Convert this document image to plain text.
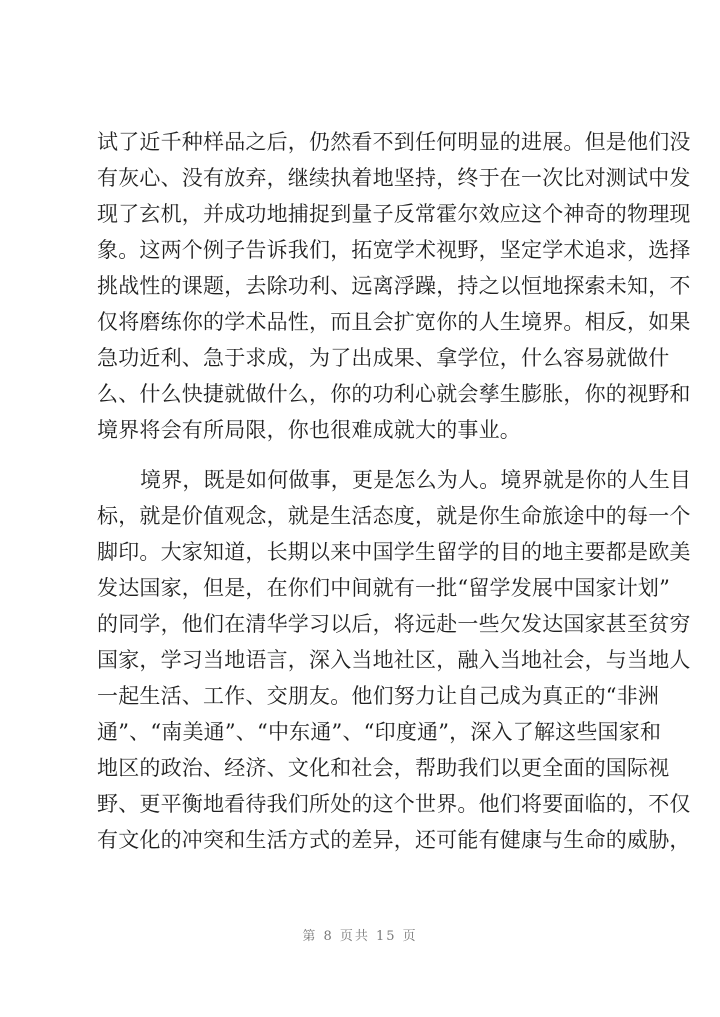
试了近千种样品之后，仍然看不到任何明显的进展。但是他们没
有灰心、没有放弃，继续执着地坚持，终于在一次比对测试中发
现了玄机，并成功地捕捉到量子反常霍尔效应这个神奇的物理现
象。这两个例子告诉我们，拓宽学术视野，坚定学术追求，选择
挑战性的课题，去除功利、远离浮躁，持之以恒地探索未知，不
仅将磨练你的学术品性，而且会扩宽你的人生境界。相反，如果
急功近利、急于求成，为了出成果、拿学位，什么容易就做什
么、什么快捷就做什么，你的功利心就会孳生膨胀，你的视野和
境界将会有所局限，你也很难成就大的事业。
境界，既是如何做事，更是怎么为人。境界就是你的人生目
标，就是价值观念，就是生活态度，就是你生命旅途中的每一个
脚印。大家知道，长期以来中国学生留学的目的地主要都是欧美
发达国家，但是，在你们中间就有一批“留学发展中国家计划”
的同学，他们在清华学习以后，将远赴一些欠发达国家甚至贫穷
国家，学习当地语言，深入当地社区，融入当地社会，与当地人
一起生活、工作、交朋友。他们努力让自己成为真正的“非洲
通”、“南美通”、“中东通”、“印度通”，深入了解这些国家和
地区的政治、经济、文化和社会，帮助我们以更全面的国际视
野、更平衡地看待我们所处的这个世界。他们将要面临的，不仅
有文化的冲突和生活方式的差异，还可能有健康与生命的威胁，
第 8 页共 15 页
